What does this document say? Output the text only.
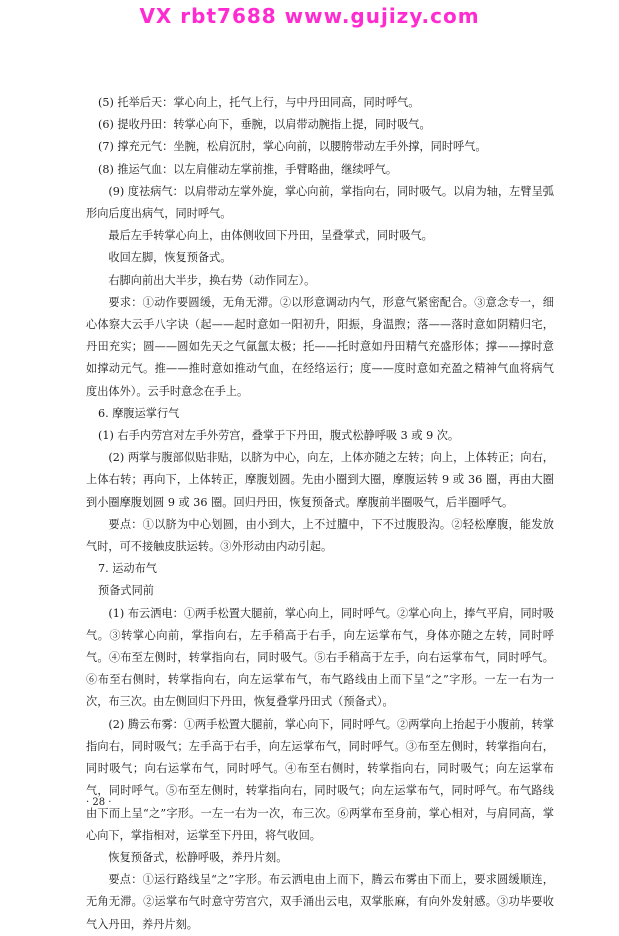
VX rbt7688 www.gujizy.com

(5) 托举后天：掌心向上，托气上行，与中丹田同高，同时呼气。

(6) 提收丹田：转掌心向下，垂腕，以肩带动腕指上提，同时吸气。

(7) 撑充元气：坐腕，松肩沉肘，掌心向前，以腰胯带动左手外撑，同时呼气。

(8) 推运气血：以左肩催动左掌前推，手臂略曲，继续呼气。

(9) 度祛病气：以肩带动左掌外旋，掌心向前，掌指向右，同时吸气。以肩为轴，左臂呈弧形向后度出病气，同时呼气。

最后左手转掌心向上，由体侧收回下丹田，呈叠掌式，同时吸气。

收回左脚，恢复预备式。

右脚向前出大半步，换右势（动作同左）。

要求：①动作要圆缓，无角无滞。②以形意调动内气，形意气紧密配合。③意念专一，细心体察大云手八字诀（起——起时意如一阳初升，阳振，身温煦；落——落时意如阴精归宅，丹田充实；圆——圆如先天之气氤氲太极；托——托时意如丹田精气充盛形体；撑——撑时意如撑动元气。推——推时意如推动气血，在经络运行；度——度时意如充盈之精神气血将病气度出体外）。云手时意念在手上。

6. 摩腹运掌行气

(1) 右手内劳宫对左手外劳宫，叠掌于下丹田，腹式松静呼吸 3 或 9 次。

(2) 两掌与腹部似贴非贴，以脐为中心，向左，上体亦随之左转；向上，上体转正；向右，上体右转；再向下，上体转正，摩腹划圆。先由小圈到大圈，摩腹运转 9 或 36 圈，再由大圈到小圈摩腹划圆 9 或 36 圈。回归丹田，恢复预备式。摩腹前半圈吸气，后半圈呼气。

要点：①以脐为中心划圆，由小到大，上不过膻中，下不过腹股沟。②轻松摩腹，能发放气时，可不接触皮肤运转。③外形动由内动引起。

7. 运动布气

预备式同前

(1) 布云洒电：①两手松置大腿前，掌心向上，同时呼气。②掌心向上，捧气平肩，同时吸气。③转掌心向前，掌指向右，左手稍高于右手，向左运掌布气，身体亦随之左转，同时呼气。④布至左侧时，转掌指向右，同时吸气。⑤右手稍高于左手，向右运掌布气，同时呼气。⑥布至右侧时，转掌指向右，向左运掌布气，布气路线由上而下呈“之”字形。一左一右为一次，布三次。由左侧回归下丹田，恢复叠掌丹田式（预备式）。

(2) 腾云布雾：①两手松置大腿前，掌心向下，同时呼气。②两掌向上抬起于小腹前，转掌指向右，同时吸气；左手高于右手，向左运掌布气，同时呼气。③布至左侧时，转掌指向右，同时吸气；向右运掌布气，同时呼气。④布至右侧时，转掌指向右，同时吸气；向左运掌布气，同时呼气。⑤布至左侧时，转掌指向右，同时吸气；向左运掌布气，同时呼气。布气路线由下而上呈“之”字形。一左一右为一次，布三次。⑥两掌布至身前，掌心相对，与肩同高，掌心向下，掌指相对，运掌至下丹田，将气收回。

恢复预备式，松静呼吸，养丹片刻。

要点：①运行路线呈“之”字形。布云洒电由上而下，腾云布雾由下而上，要求圆缓顺连，无角无滞。②运掌布气时意守劳宫穴，双手涌出云电，双掌胀麻，有向外发射感。③功毕要收气入丹田，养丹片刻。

· 28 ·
